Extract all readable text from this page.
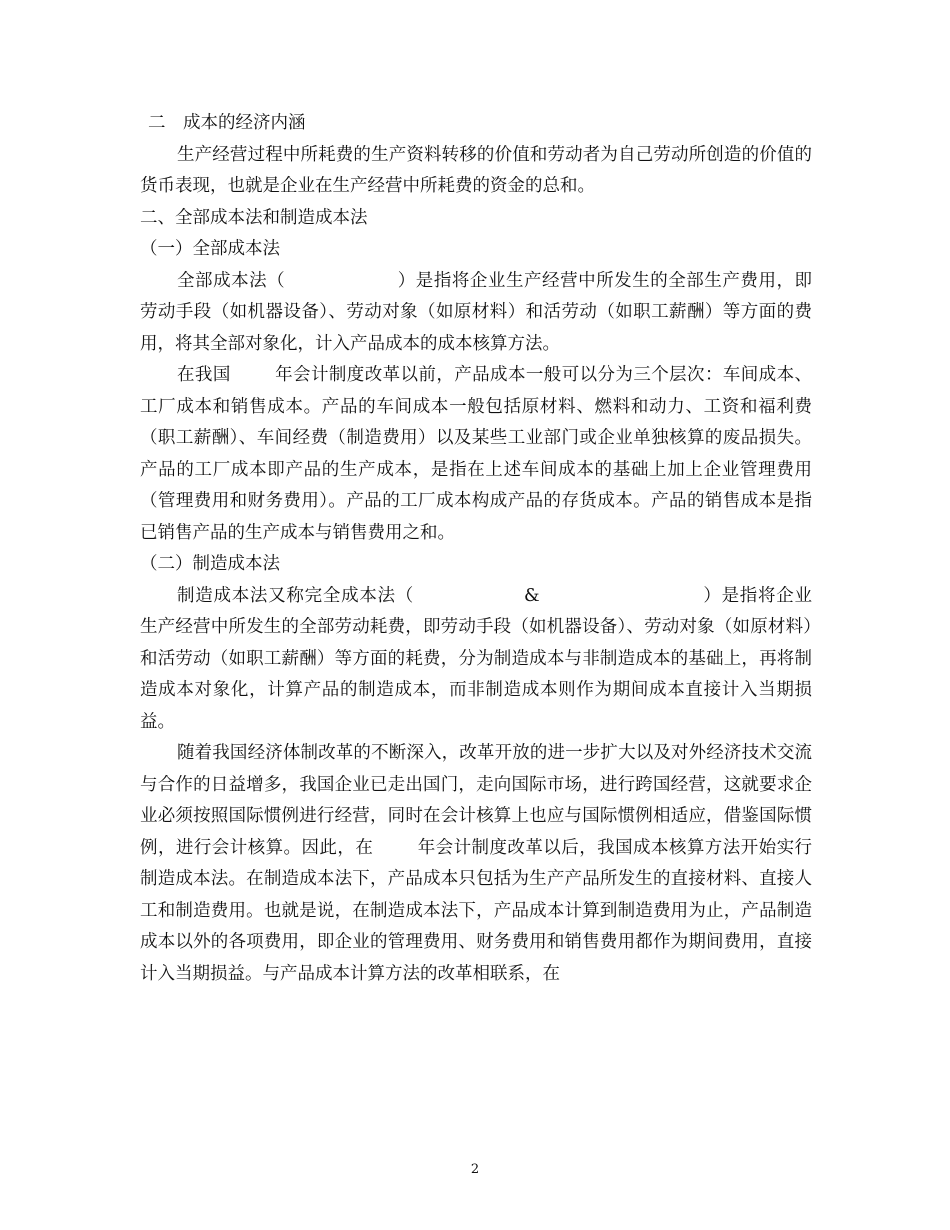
二　成本的经济内涵

生产经营过程中所耗费的生产资料转移的价值和劳动者为自己劳动所创造的价值的货币表现，也就是企业在生产经营中所耗费的资金的总和。

二、全部成本法和制造成本法

（一）全部成本法

全部成本法（	）是指将企业生产经营中所发生的全部生产费用，即劳动手段（如机器设备）、劳动对象（如原材料）和活劳动（如职工薪酬）等方面的费用，将其全部对象化，计入产品成本的成本核算方法。

在我国	年会计制度改革以前，产品成本一般可以分为三个层次：车间成本、工厂成本和销售成本。产品的车间成本一般包括原材料、燃料和动力、工资和福利费（职工薪酬）、车间经费（制造费用）以及某些工业部门或企业单独核算的废品损失。产品的工厂成本即产品的生产成本，是指在上述车间成本的基础上加上企业管理费用（管理费用和财务费用）。产品的工厂成本构成产品的存货成本。产品的销售成本是指已销售产品的生产成本与销售费用之和。

（二）制造成本法

制造成本法又称完全成本法（	&	）是指将企业生产经营中所发生的全部劳动耗费，即劳动手段（如机器设备）、劳动对象（如原材料）和活劳动（如职工薪酬）等方面的耗费，分为制造成本与非制造成本的基础上，再将制造成本对象化，计算产品的制造成本，而非制造成本则作为期间成本直接计入当期损益。

随着我国经济体制改革的不断深入，改革开放的进一步扩大以及对外经济技术交流与合作的日益增多，我国企业已走出国门，走向国际市场，进行跨国经营，这就要求企业必须按照国际惯例进行经营，同时在会计核算上也应与国际惯例相适应，借鉴国际惯例，进行会计核算。因此，在	年会计制度改革以后，我国成本核算方法开始实行制造成本法。在制造成本法下，产品成本只包括为生产产品所发生的直接材料、直接人工和制造费用。也就是说，在制造成本法下，产品成本计算到制造费用为止，产品制造成本以外的各项费用，即企业的管理费用、财务费用和销售费用都作为期间费用，直接计入当期损益。与产品成本计算方法的改革相联系，在

2
